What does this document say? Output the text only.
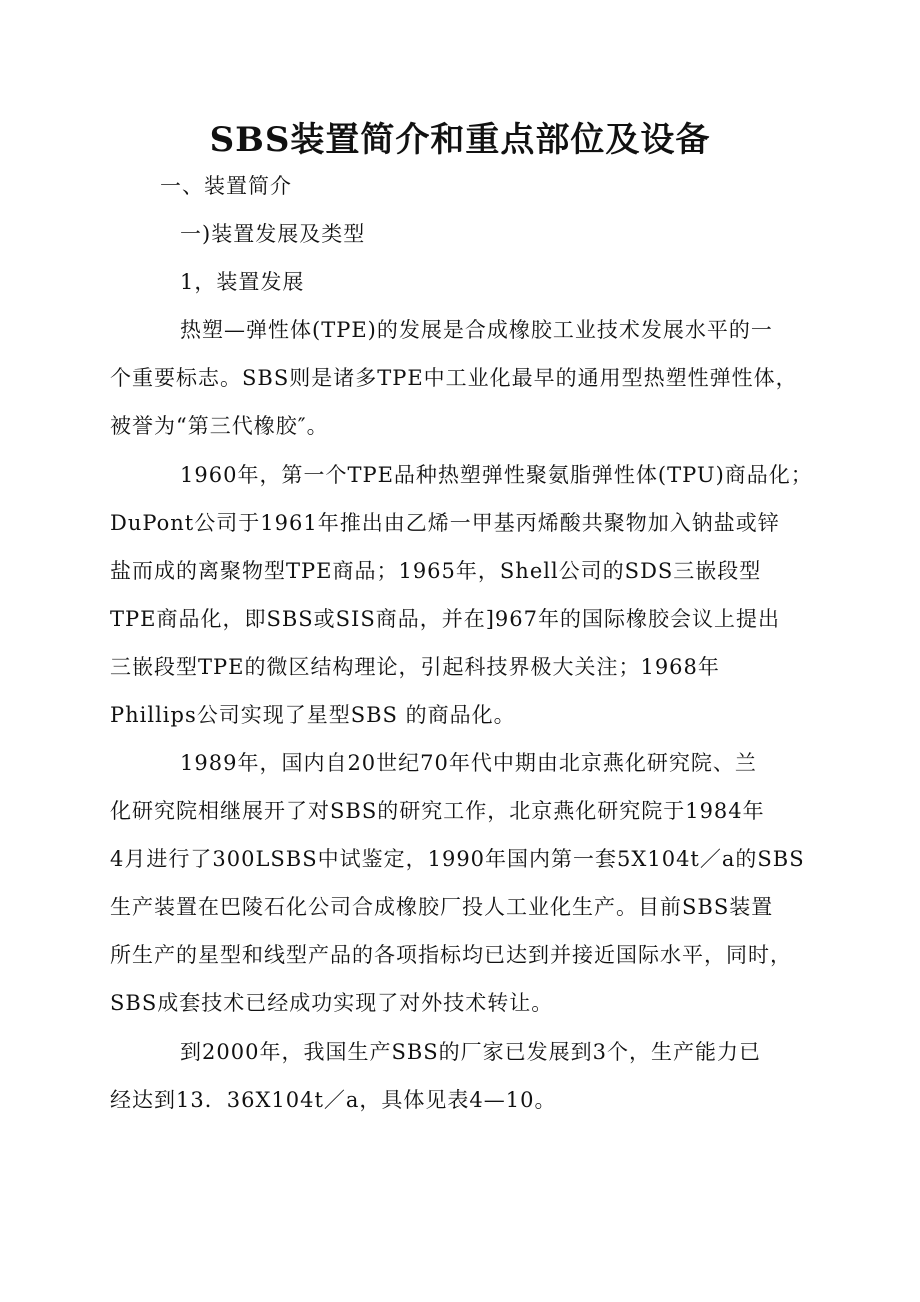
SBS装置简介和重点部位及设备
一、装置简介
一)装置发展及类型
1，装置发展
热塑—弹性体(TPE)的发展是合成橡胶工业技术发展水平的一
个重要标志。SBS则是诸多TPE中工业化最早的通用型热塑性弹性体，
被誉为“第三代橡胶″。
1960年，第一个TPE品种热塑弹性聚氨脂弹性体(TPU)商品化；
DuPont公司于1961年推出由乙烯一甲基丙烯酸共聚物加入钠盐或锌
盐而成的离聚物型TPE商品；1965年，Shell公司的SDS三嵌段型
TPE商品化，即SBS或SIS商品，并在]967年的国际橡胶会议上提出
三嵌段型TPE的微区结构理论，引起科技界极大关注；1968年
Phillips公司实现了星型SBS 的商品化。
1989年，国内自20世纪70年代中期由北京燕化研究院、兰
化研究院相继展开了对SBS的研究工作，北京燕化研究院于1984年
4月进行了300LSBS中试鉴定，1990年国内第一套5X104t／a的SBS
生产装置在巴陵石化公司合成橡胶厂投人工业化生产。目前SBS装置
所生产的星型和线型产品的各项指标均已达到并接近国际水平，同时，
SBS成套技术已经成功实现了对外技术转让。
到2000年，我国生产SBS的厂家已发展到3个，生产能力已
经达到13．36X104t／a，具体见表4—10。
